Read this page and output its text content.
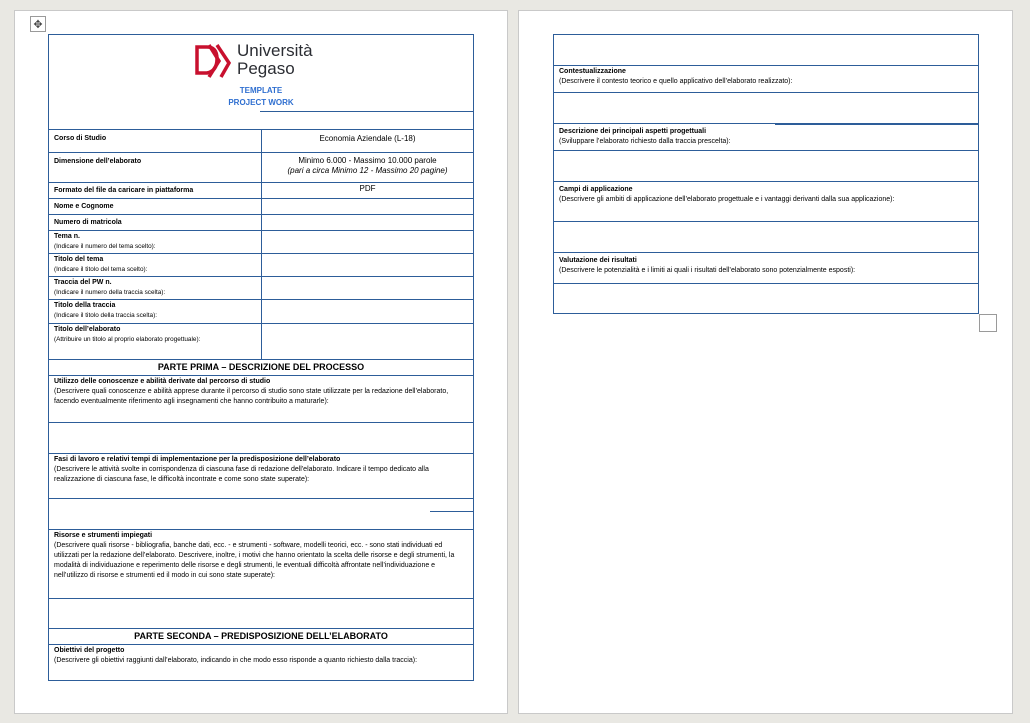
✥
Università
Pegaso
TEMPLATE
PROJECT WORK	

Corso di Studio	Economia Aziendale (L-18)
Dimensione dell’elaborato	Minimo 6.000 - Massimo 10.000 parole
(pari a circa Minimo 12 - Massimo 20 pagine)

Formato del file da caricare in piattaforma	PDF
Nome e Cognome	
Numero di matricola	

Tema n.
(Indicare il numero del tema scelto):	

Titolo del tema
(Indicare il titolo del tema scelto):	

Traccia del PW n.
(Indicare il numero della traccia scelta):	

Titolo della traccia
(Indicare il titolo della traccia scelta):	

Titolo dell’elaborato
(Attribuire un titolo al proprio elaborato progettuale):	

PARTE PRIMA – DESCRIZIONE DEL PROCESSO	

Utilizzo delle conoscenze e abilità derivate dal percorso di studio
(Descrivere quali conoscenze e abilità apprese durante il percorso di studio sono state utilizzate per la redazione dell’elaborato, facendo eventualmente riferimento agli insegnamenti che hanno contribuito a maturarle):	

Fasi di lavoro e relativi tempi di implementazione per la predisposizione dell’elaborato
(Descrivere le attività svolte in corrispondenza di ciascuna fase di redazione dell'elaborato. Indicare il tempo dedicato alla realizzazione di ciascuna fase, le difficoltà incontrate e come sono state superate):	

Risorse e strumenti impiegati
(Descrivere quali risorse - bibliografia, banche dati, ecc. - e strumenti - software, modelli teorici, ecc. - sono stati individuati ed utilizzati per la redazione dell’elaborato. Descrivere, inoltre, i motivi che hanno orientato la scelta delle risorse e degli strumenti, la modalità di individuazione e reperimento delle risorse e degli strumenti, le eventuali difficoltà affrontate nell’individuazione e nell’utilizzo di risorse e strumenti ed il modo in cui sono state superate):	

PARTE SECONDA – PREDISPOSIZIONE DELL’ELABORATO	

Obiettivi del progetto
(Descrivere gli obiettivi raggiunti dall’elaborato, indicando in che modo esso risponde a quanto richiesto dalla traccia):	

Contestualizzazione
(Descrivere il contesto teorico e quello applicativo dell’elaborato realizzato):

Descrizione dei principali aspetti progettuali
(Sviluppare l’elaborato richiesto dalla traccia prescelta):

Campi di applicazione
(Descrivere gli ambiti di applicazione dell’elaborato progettuale e i vantaggi derivanti dalla sua applicazione):

Valutazione dei risultati
(Descrivere le potenzialità e i limiti ai quali i risultati dell’elaborato sono potenzialmente esposti):
